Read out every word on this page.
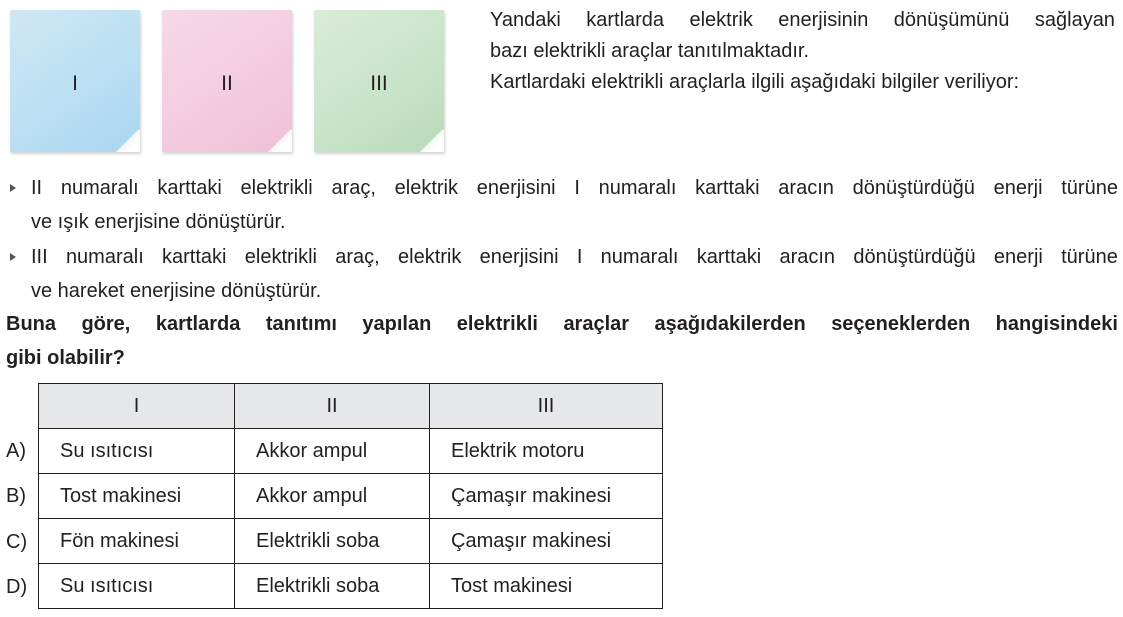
I	II	III
Yandaki kartlarda elektrik enerjisinin dönüşümünü sağlayan
bazı elektrikli araçlar tanıtılmaktadır.
Kartlardaki elektrikli araçlarla ilgili aşağıdaki bilgiler veriliyor:
II numaralı karttaki elektrikli araç, elektrik enerjisini I numaralı karttaki aracın dönüştürdüğü enerji türüne
ve ışık enerjisine dönüştürür.
III numaralı karttaki elektrikli araç, elektrik enerjisini I numaralı karttaki aracın dönüştürdüğü enerji türüne
ve hareket enerjisine dönüştürür.
Buna göre, kartlarda tanıtımı yapılan elektrikli araçlar aşağıdakilerden seçeneklerden hangisindeki
gibi olabilir?
A)
B)
C)
D)
I	II	III
Su ısıtıcısı	Akkor ampul	Elektrik motoru
Tost makinesi	Akkor ampul	Çamaşır makinesi
Fön makinesi	Elektrikli soba	Çamaşır makinesi
Su ısıtıcısı	Elektrikli soba	Tost makinesi
